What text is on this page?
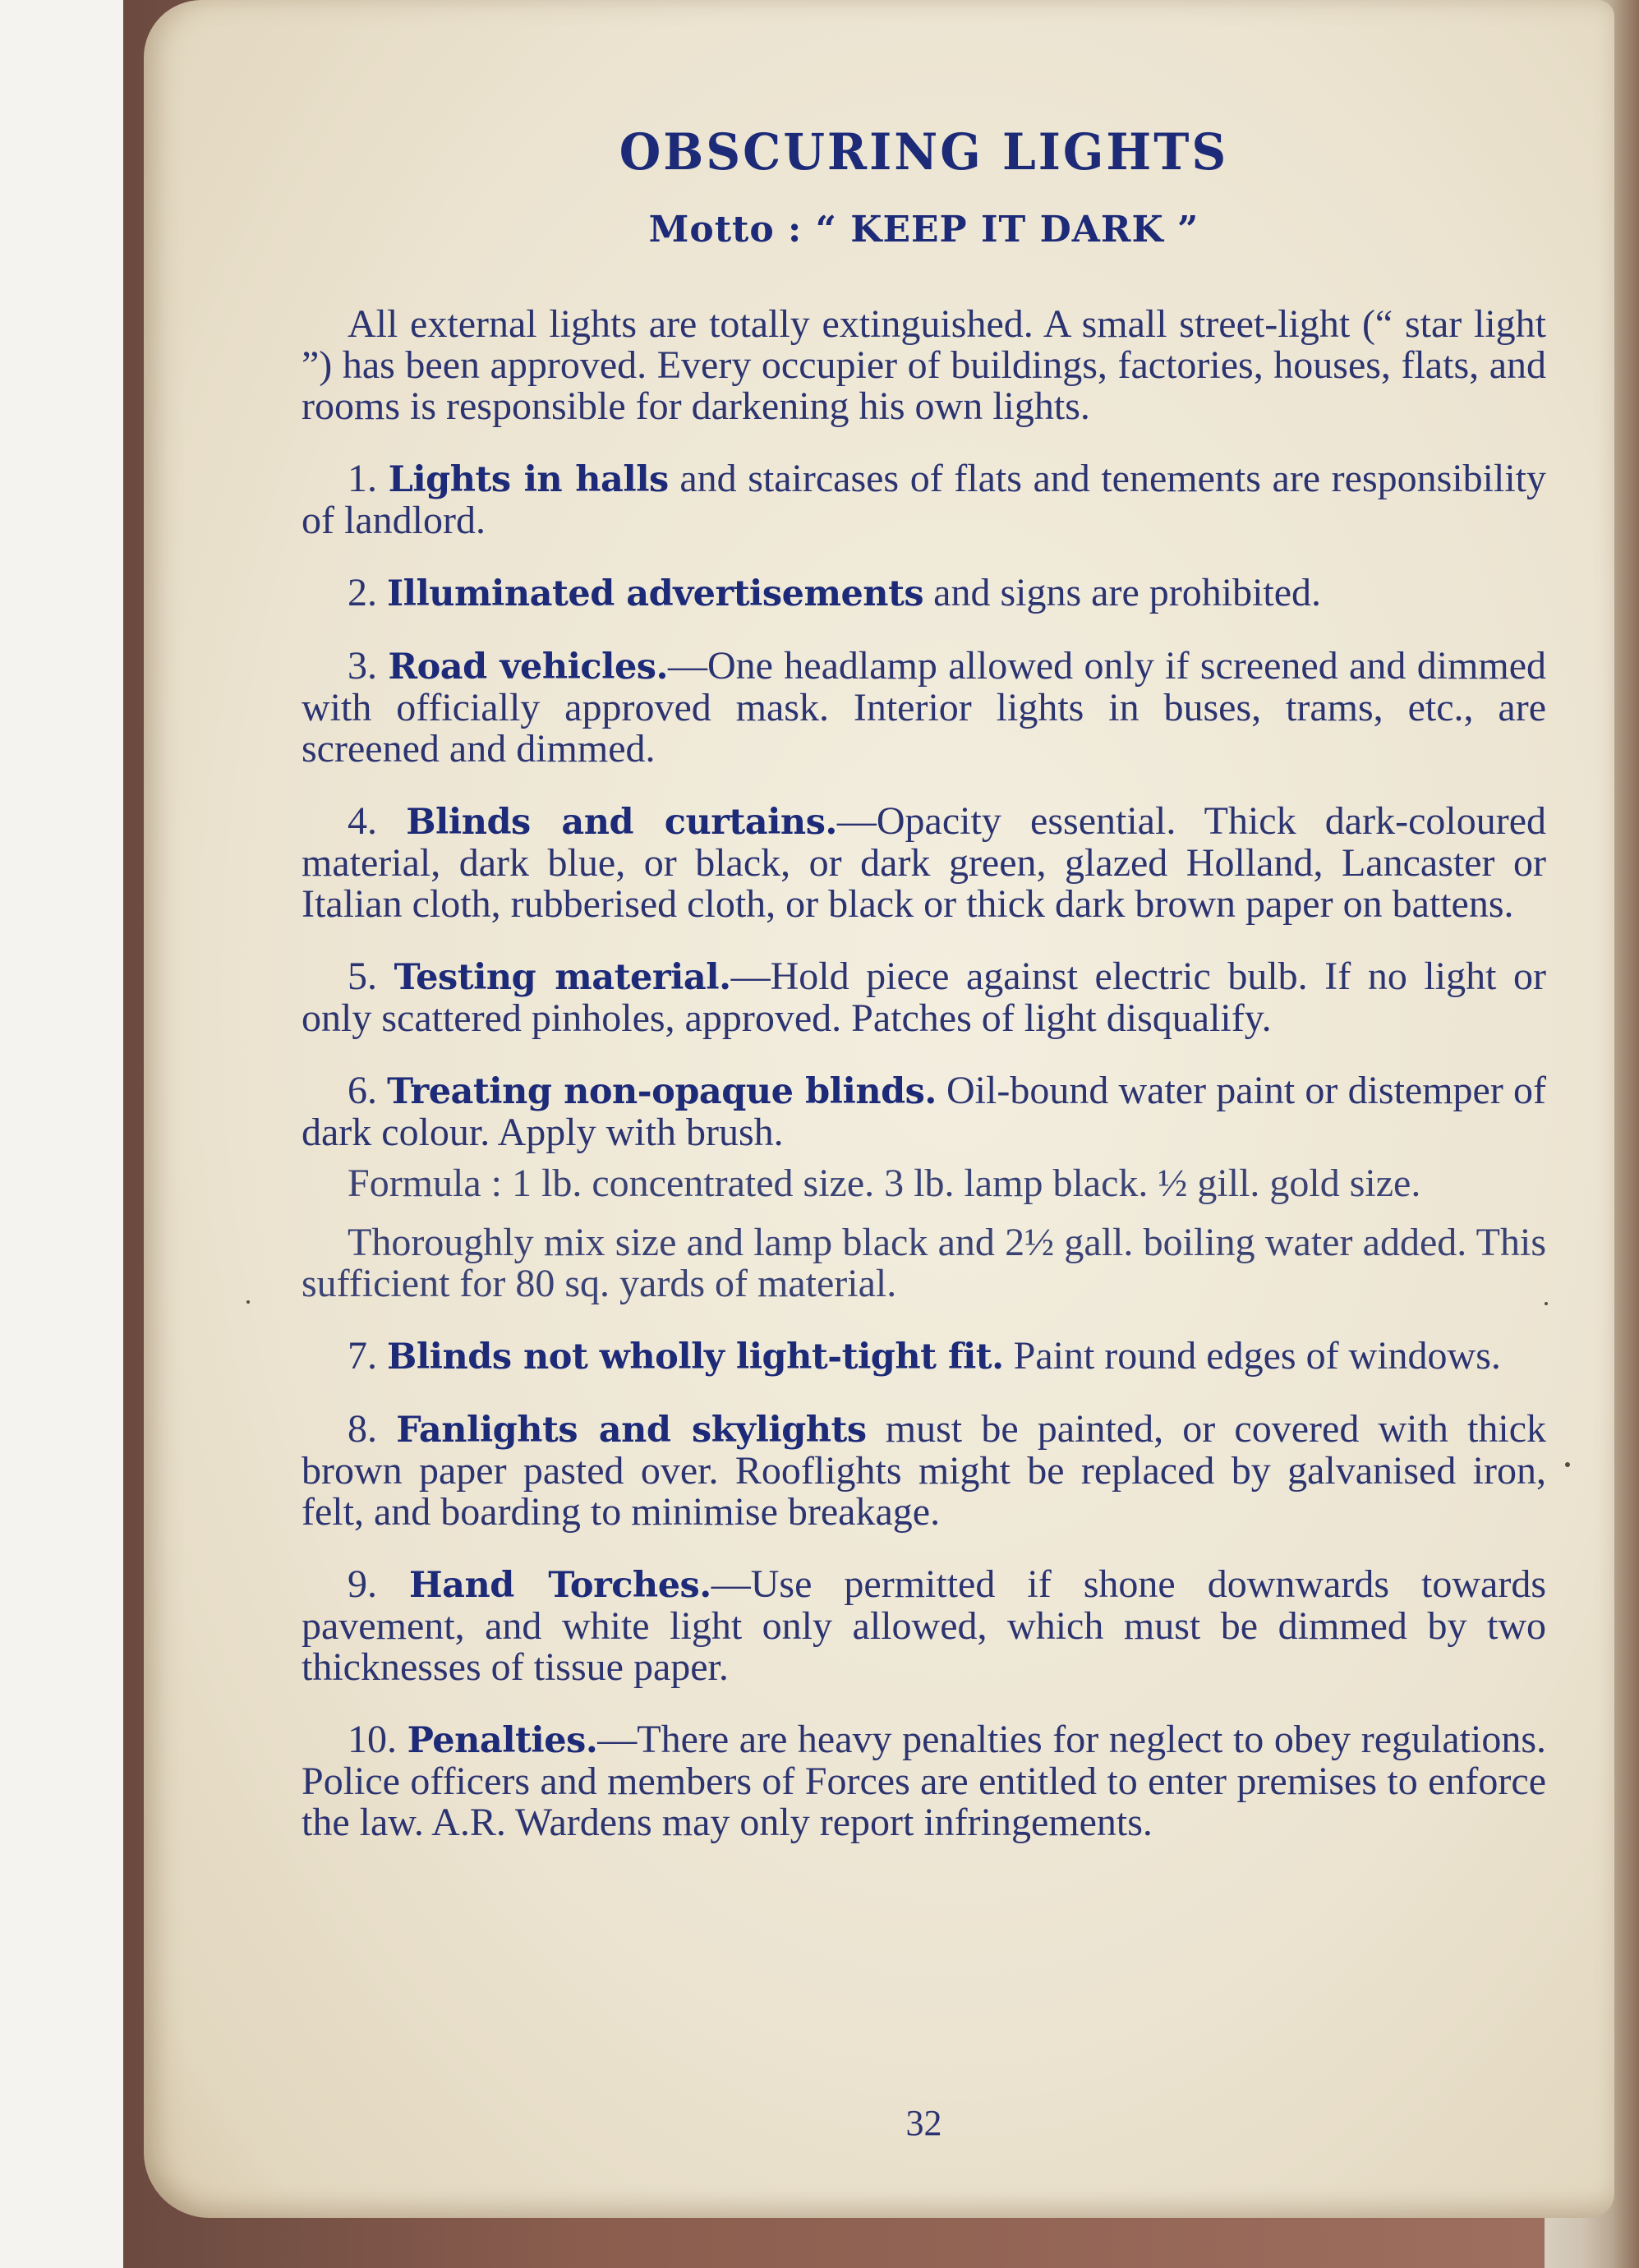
OBSCURING LIGHTS
Motto : “ KEEP IT DARK ”

All external lights are totally extinguished. A small street-light (“ star light ”) has been approved. Every occupier of buildings, factories, houses, flats, and rooms is responsible for darkening his own lights.

1. Lights in halls and staircases of flats and tenements are responsibility of landlord.

2. Illuminated advertisements and signs are prohibited.

3. Road vehicles.—One headlamp allowed only if screened and dimmed with officially approved mask. Interior lights in buses, trams, etc., are screened and dimmed.

4. Blinds and curtains.—Opacity essential. Thick dark-coloured material, dark blue, or black, or dark green, glazed Holland, Lancaster or Italian cloth, rubberised cloth, or black or thick dark brown paper on battens.

5. Testing material.—Hold piece against electric bulb. If no light or only scattered pinholes, approved. Patches of light disqualify.

6. Treating non-opaque blinds. Oil-bound water paint or distemper of dark colour. Apply with brush.

Formula : 1 lb. concentrated size. 3 lb. lamp black. ½ gill. gold size.

Thoroughly mix size and lamp black and 2½ gall. boiling water added. This sufficient for 80 sq. yards of material.

7. Blinds not wholly light-tight fit. Paint round edges of windows.

8. Fanlights and skylights must be painted, or covered with thick brown paper pasted over. Rooflights might be replaced by galvanised iron, felt, and boarding to minimise breakage.

9. Hand Torches.—Use permitted if shone downwards towards pavement, and white light only allowed, which must be dimmed by two thicknesses of tissue paper.

10. Penalties.—There are heavy penalties for neglect to obey regulations. Police officers and members of Forces are entitled to enter premises to enforce the law. A.R. Wardens may only report infringements.

32
